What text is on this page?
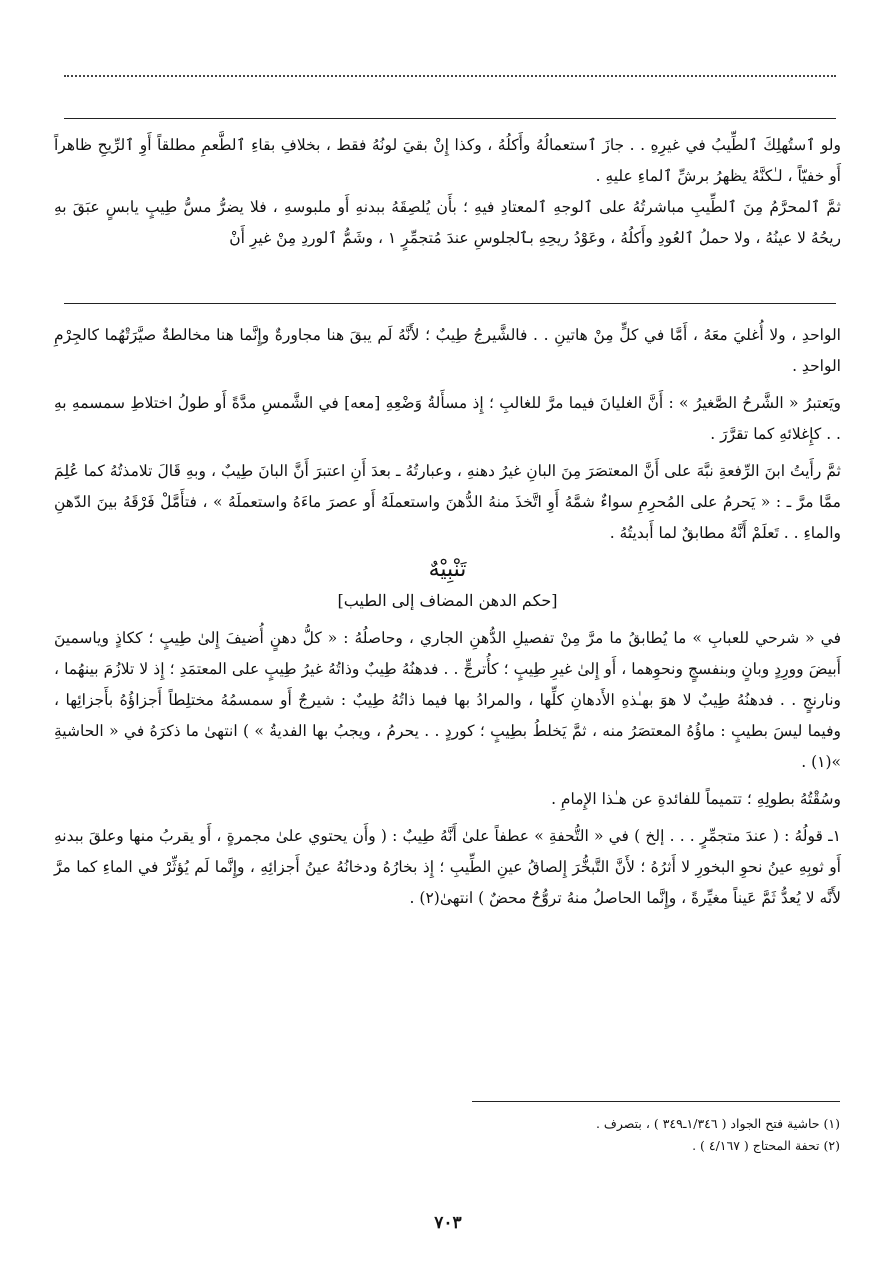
ولو ٱستُهلِكَ ٱلطِّيبُ في غيرِهِ . . جازَ ٱستعمالُهُ وأَكلُهُ ، وكذا إِنْ بقيَ لونُهُ فقط ، بخلافِ بقاءِ ٱلطَّعمِ مطلقاً أَوِ ٱلرِّيحِ ظاهراً أَو خفيّاً ، لـٰكنَّهُ يظهرُ برشِّ ٱلماءِ عليهِ .

ثمَّ ٱلمحرَّمُ مِنَ ٱلطِّيبِ مباشرتُهُ على ٱلوجهِ ٱلمعتادِ فيهِ ؛ بأَن يُلصِقَهُ ببدنهِ أَو ملبوسهِ ، فلا يضرُّ مسُّ طِيبٍ يابسٍ عبَقَ بهِ ريحُهُ لا عينُهُ ، ولا حملُ ٱلعُودِ وأَكلُهُ ، وعَوْدُ ريحِهِ بٱلجلوسِ عندَ مُتجمِّرٍ ١ ، وشَمُّ ٱلوردِ مِنْ غيرِ أَنْ

الواحدِ ، ولا أُغليَ معَهُ ، أَمَّا في كلٍّ مِنْ هاتينِ . . فالشَّيرجُ طِيبٌ ؛ لأَنَّهُ لَم يبقَ هنا مجاورةٌ وإِنَّما هنا مخالطةٌ صيَّرَتْهُما كالجِرْمِ الواحدِ .

ويَعتبرُ « الشَّرحُ الصَّغيرُ » : أَنَّ الغليانَ فيما مرَّ للغالبِ ؛ إِذ مسأَلةُ وَضْعِهِ [معه] في الشَّمسِ مدَّةً أَو طولُ اختلاطِ سمسمهِ بهِ . . كإِغلائهِ كما تقرَّرَ .

ثمَّ رأَيتُ ابنَ الرِّفعةِ نبَّهَ على أَنَّ المعتصَرَ مِنَ البانِ غيرُ دهنهِ ، وعبارتُهُ ـ بعدَ أَنِ اعتبرَ أَنَّ البانَ طِيبٌ ، وبهِ قَالَ تلامذتُهُ كما عُلِمَ ممَّا مرَّ ـ : « يَحرمُ على المُحرِمِ سواءٌ شمَّهُ أَوِ اتَّخذَ منهُ الدُّهنَ واستعملَهُ أَو عصرَ ماءَهُ واستعملَهُ » ، فتأَمَّلْ فَرْقَهُ بينَ الدّهنِ والماءِ . . تَعلَمْ أَنَّهُ مطابقٌ لما أَبديتُهُ .

تَنْبِيْهٌ
[حكم الدهن المضاف إلى الطيب]

في « شرحي للعبابِ » ما يُطابقُ ما مرَّ مِنْ تفصيلِ الدُّهنِ الجاري ، وحاصلُهُ : « كلُّ دهنٍ أُضيفَ إِلىٰ طِيبٍ ؛ ككاذٍ وياسمينَ أَبيضَ وورِدٍ وبانٍ وبنفسجٍ ونحوِهما ، أَو إِلىٰ غيرِ طِيبٍ ؛ كأُترجٍّ . . فدهنُهُ طِيبٌ وذاتُهُ غيرُ طِيبٍ على المعتمَدِ ؛ إِذ لا تلازُمَ بينهُما ، ونارنجٍ . . فدهنُهُ طِيبٌ لا هوَ بهـٰذهِ الأَدهانِ كلِّها ، والمرادُ بها فيما ذاتُهُ طِيبٌ : شيرجٌ أَو سمسمُهُ مختلِطاً أَجزاؤُهُ بأَجزائِها ، وفيما ليسَ بطيبٍ : ماؤُهُ المعتصَرُ منه ، ثمَّ يَخلطُ بطِيبٍ ؛ كوردٍ . . يحرمُ ، ويجبُ بها الفديةُ » ) انتهىٰ ما ذكرَهُ في « الحاشيةِ »(١) .

وسُقْتُهُ بطولِهِ ؛ تتميماً للفائدةِ عن هـٰذا الإِمامِ .

١ـ قولُهُ : ( عندَ متجمِّرٍ . . . إلخ ) في « التُّحفةِ » عطفاً علىٰ أَنَّهُ طِيبٌ : ( وأَن يحتوي علىٰ مجمرةٍ ، أَو يقربُ منها وعلقَ ببدنهِ أَو ثوبِهِ عينُ نحوِ البخورِ لا أَثرُهُ ؛ لأَنَّ التَّبخُّرَ إِلصاقُ عينِ الطِّيبِ ؛ إِذ بخارُهُ ودخانُهُ عينُ أَجزائِهِ ، وإِنَّما لَم يُؤثِّرْ في الماءِ كما مرَّ لأَنَّه لا يُعدُّ ثَمَّ عَيناً مغيِّرةً ، وإِنَّما الحاصلُ منهُ تروُّحٌ محضٌ ) انتهىٰ(٢) .

(١) حاشية فتح الجواد ( ١/٣٤٦ـ٣٤٩ ) ، بتصرف .

(٢) تحفة المحتاج ( ٤/١٦٧ ) .

٧٠٣
